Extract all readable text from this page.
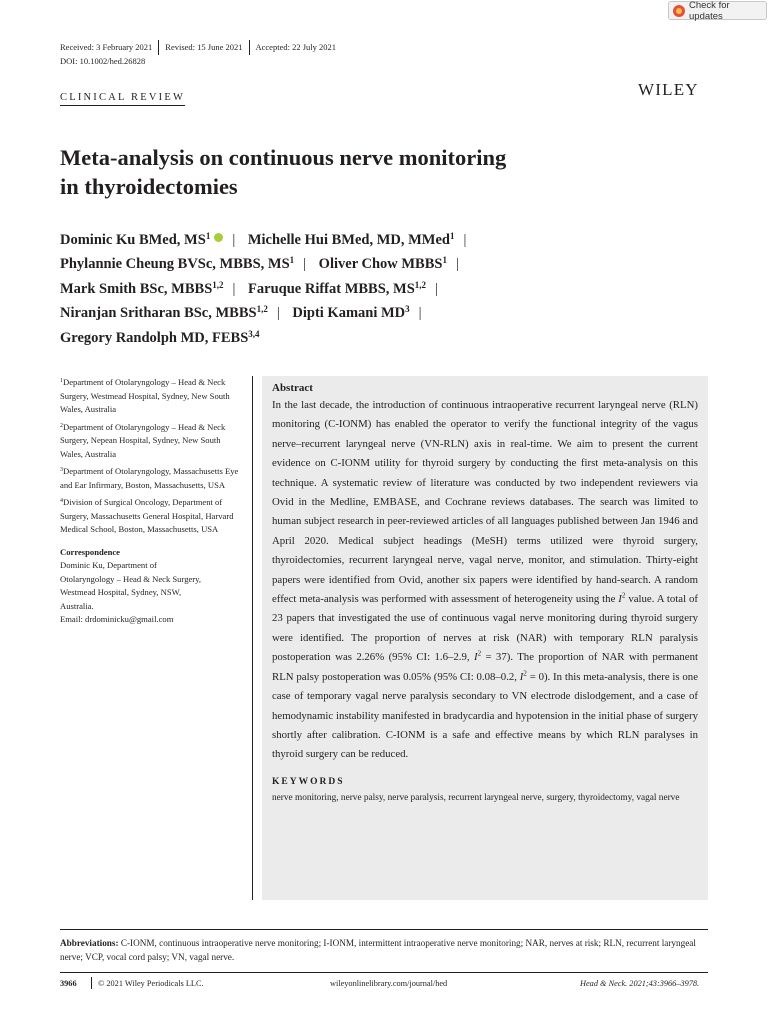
Check for updates
Received: 3 February 2021 Revised: 15 June 2021 Accepted: 22 July 2021
DOI: 10.1002/hed.26828
CLINICAL REVIEW	WILEY
Meta-analysis on continuous nerve monitoring
in thyroidectomies
Dominic Ku BMed, $MS^1$ | Michelle Hui BMed, MD, MMed$^1$ |
Phylannie Cheung BVSc, MBBS, $MS^1$ | Oliver Chow MBBS$^1$ |
Mark Smith BSc, MBBS$^{1,2}$ | Faruque Riffat MBBS, MS$^{1,2}$ |
Niranjan Sritharan BSc, MBBS$^{1,2}$ | Dipti Kamani $MD^3$ |
Gregory Randolph MD, FEBS$^{3,4}$

$^1$Department of Otolaryngology – Head & Neck Surgery, Westmead Hospital, Sydney, New South Wales, Australia

$^2$Department of Otolaryngology – Head & Neck Surgery, Nepean Hospital, Sydney, New South Wales, Australia

$^3$Department of Otolaryngology, Massachusetts Eye and Ear Infirmary, Boston, Massachusetts, USA

$^4$Division of Surgical Oncology, Department of Surgery, Massachusetts General Hospital, Harvard Medical School, Boston, Massachusetts, USA

Correspondence

Dominic Ku, Department of
Otolaryngology – Head & Neck Surgery,
Westmead Hospital, Sydney, NSW,
Australia.
Email: drdominicku@gmail.com
Abstract
In the last decade, the introduction of continuous intraoperative recurrent laryngeal nerve (RLN) monitoring (C-IONM) has enabled the operator to verify the functional integrity of the vagus nerve–recurrent laryngeal nerve (VN-RLN) axis in real-time. We aim to present the current evidence on C-IONM utility for thyroid surgery by conducting the first meta-analysis on this technique. A systematic review of literature was conducted by two independent reviewers via Ovid in the Medline, EMBASE, and Cochrane reviews databases. The search was limited to human subject research in peer-reviewed articles of all languages published between Jan 1946 and April 2020. Medical subject headings (MeSH) terms utilized were thyroid surgery, thyroidectomies, recurrent laryngeal nerve, vagal nerve, monitor, and stimulation. Thirty-eight papers were identified from Ovid, another six papers were identified by hand-search. A random effect meta-analysis was performed with assessment of heterogeneity using the $I^2$ value. A total of 23 papers that investigated the use of continuous vagal nerve monitoring during thyroid surgery were identified. The proportion of nerves at risk (NAR) with temporary RLN paralysis postoperation was 2.26% (95% CI: 1.6–2.9, $I^2 = 37$). The proportion of NAR with permanent RLN palsy postoperation was 0.05% (95% CI: 0.08–0.2, $I^2 = 0$). In this meta-analysis, there is one case of temporary vagal nerve paralysis secondary to VN electrode dislodgement, and a case of hemodynamic instability manifested in bradycardia and hypotension in the initial phase of surgery shortly after calibration. C-IONM is a safe and effective means by which RLN paralyses in thyroid surgery can be reduced.
KEYWORDS
nerve monitoring, nerve palsy, nerve paralysis, recurrent laryngeal nerve, surgery, thyroidectomy, vagal nerve
Abbreviations: C-IONM, continuous intraoperative nerve monitoring; I-IONM, intermittent intraoperative nerve monitoring; NAR, nerves at risk; RLN, recurrent laryngeal nerve; VCP, vocal cord palsy; VN, vagal nerve.
3966	© 2021 Wiley Periodicals LLC.	wileyonlinelibrary.com/journal/hed	Head & Neck. 2021;43:3966–3978.
